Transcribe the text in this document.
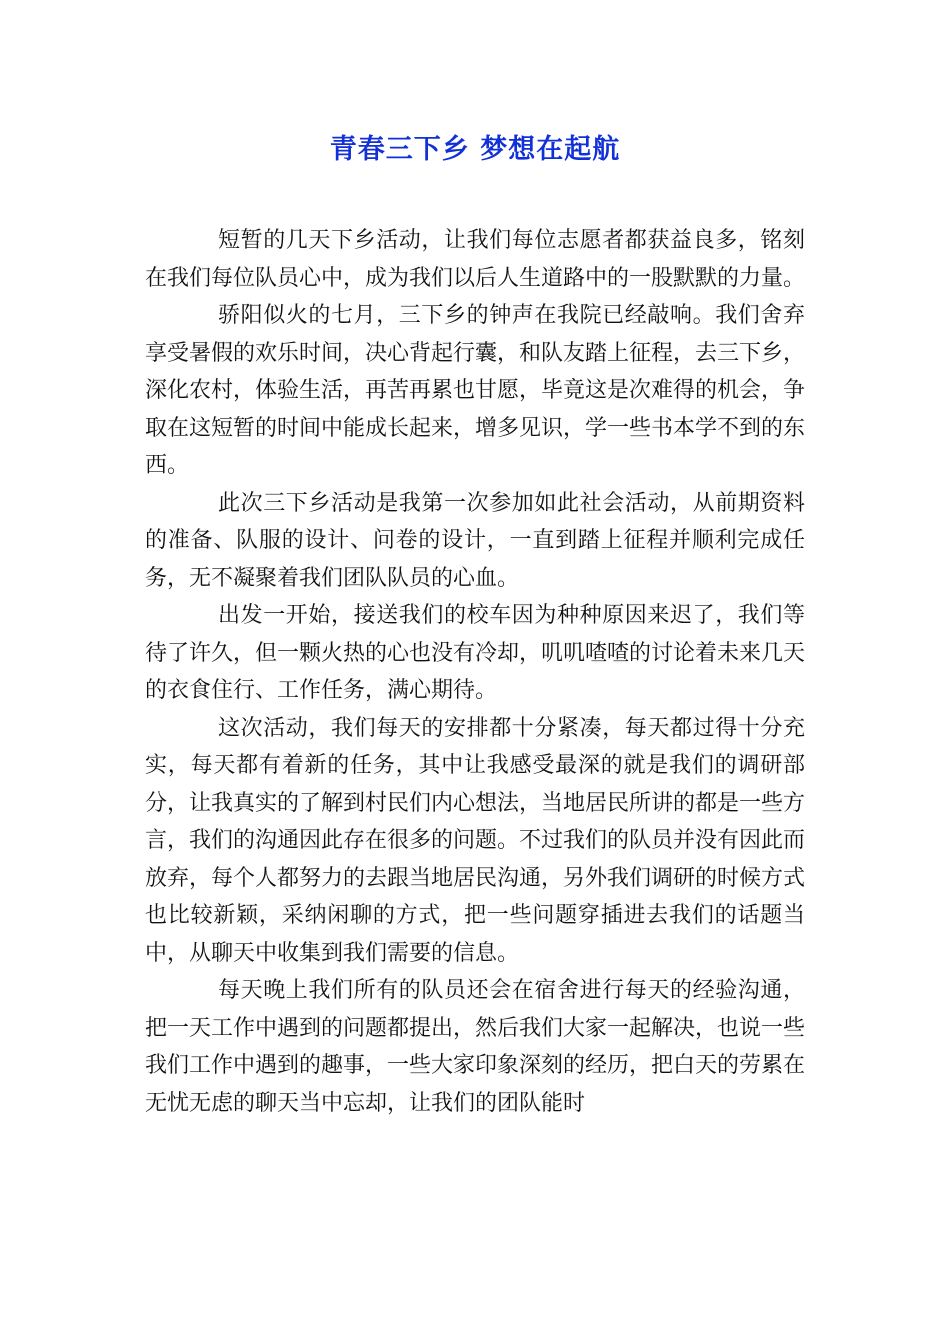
青春三下乡 梦想在起航

短暂的几天下乡活动，让我们每位志愿者都获益良多，铭刻在我们每位队员心中，成为我们以后人生道路中的一股默默的力量。

骄阳似火的七月，三下乡的钟声在我院已经敲响。我们舍弃享受暑假的欢乐时间，决心背起行囊，和队友踏上征程，去三下乡，深化农村，体验生活，再苦再累也甘愿，毕竟这是次难得的机会，争取在这短暂的时间中能成长起来，增多见识，学一些书本学不到的东西。

此次三下乡活动是我第一次参加如此社会活动，从前期资料的准备、队服的设计、问卷的设计，一直到踏上征程并顺利完成任务，无不凝聚着我们团队队员的心血。

出发一开始，接送我们的校车因为种种原因来迟了，我们等待了许久，但一颗火热的心也没有冷却，叽叽喳喳的讨论着未来几天的衣食住行、工作任务，满心期待。

这次活动，我们每天的安排都十分紧凑，每天都过得十分充实，每天都有着新的任务，其中让我感受最深的就是我们的调研部分，让我真实的了解到村民们内心想法，当地居民所讲的都是一些方言，我们的沟通因此存在很多的问题。不过我们的队员并没有因此而放弃，每个人都努力的去跟当地居民沟通，另外我们调研的时候方式也比较新颖，采纳闲聊的方式，把一些问题穿插进去我们的话题当中，从聊天中收集到我们需要的信息。

每天晚上我们所有的队员还会在宿舍进行每天的经验沟通，把一天工作中遇到的问题都提出，然后我们大家一起解决，也说一些我们工作中遇到的趣事，一些大家印象深刻的经历，把白天的劳累在无忧无虑的聊天当中忘却，让我们的团队能时
